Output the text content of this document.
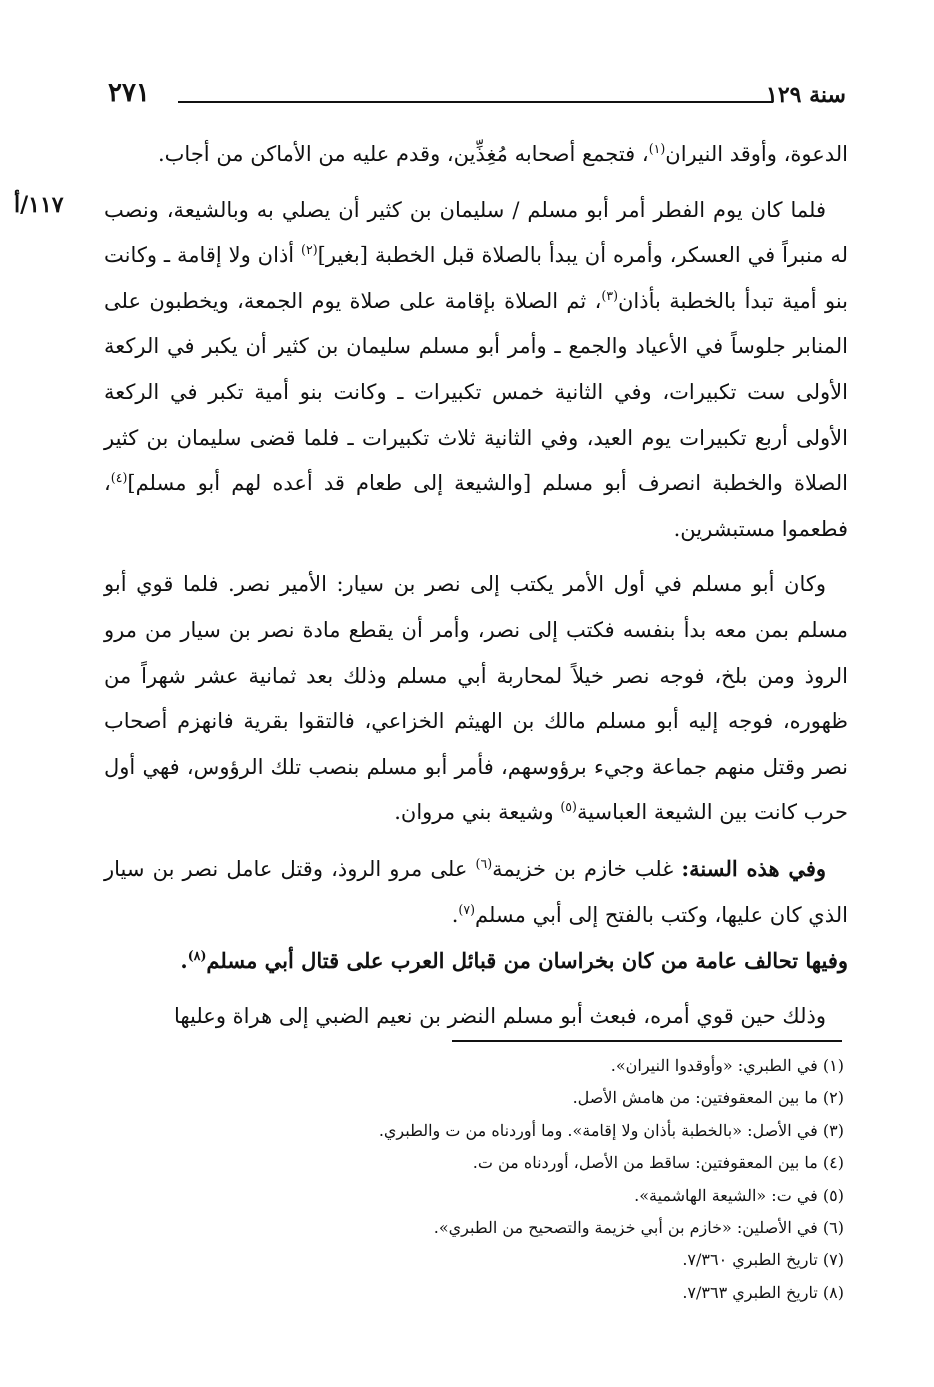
٢٧١	سنة ١٢٩
١١٧/أ

الدعوة، وأوقد النيران$^{(١)}$، فتجمع أصحابه مُغِذِّين، وقدم عليه من الأماكن من أجاب.

فلما كان يوم الفطر أمر أبو مسلم / سليمان بن كثير أن يصلي به وبالشيعة، ونصب له منبراً في العسكر، وأمره أن يبدأ بالصلاة قبل الخطبة [بغير]$^{(٢)}$ أذان ولا إقامة ـ وكانت بنو أمية تبدأ بالخطبة بأذان$^{(٣)}$، ثم الصلاة بإقامة على صلاة يوم الجمعة، ويخطبون على المنابر جلوساً في الأعياد والجمع ـ وأمر أبو مسلم سليمان بن كثير أن يكبر في الركعة الأولى ست تكبيرات، وفي الثانية خمس تكبيرات ـ وكانت بنو أمية تكبر في الركعة الأولى أربع تكبيرات يوم العيد، وفي الثانية ثلاث تكبيرات ـ فلما قضى سليمان بن كثير الصلاة والخطبة انصرف أبو مسلم [والشيعة إلى طعام قد أعده لهم أبو مسلم]$^{(٤)}$، فطعموا مستبشرين.

وكان أبو مسلم في أول الأمر يكتب إلى نصر بن سيار: الأمير نصر. فلما قوي أبو مسلم بمن معه بدأ بنفسه فكتب إلى نصر، وأمر أن يقطع مادة نصر بن سيار من مرو الروذ ومن بلخ، فوجه نصر خيلاً لمحاربة أبي مسلم وذلك بعد ثمانية عشر شهراً من ظهوره، فوجه إليه أبو مسلم مالك بن الهيثم الخزاعي، فالتقوا بقرية فانهزم أصحاب نصر وقتل منهم جماعة وجيء برؤوسهم، فأمر أبو مسلم بنصب تلك الرؤوس، فهي أول حرب كانت بين الشيعة العباسية$^{(٥)}$ وشيعة بني مروان.

وفي هذه السنة: غلب خازم بن خزيمة$^{(٦)}$ على مرو الروذ، وقتل عامل نصر بن سيار الذي كان عليها، وكتب بالفتح إلى أبي مسلم$^{(٧)}$.

وفيها تحالف عامة من كان بخراسان من قبائل العرب على قتال أبي مسلم$^{(٨)}$.

وذلك حين قوي أمره، فبعث أبو مسلم النضر بن نعيم الضبي إلى هراة وعليها

(١) في الطبري: «وأوقدوا النيران».

(٢) ما بين المعقوفتين: من هامش الأصل.

(٣) في الأصل: «بالخطبة بأذان ولا إقامة». وما أوردناه من ت والطبري.

(٤) ما بين المعقوفتين: ساقط من الأصل، أوردناه من ت.

(٥) في ت: «الشيعة الهاشمية».

(٦) في الأصلين: «خازم بن أبي خزيمة والتصحيح من الطبري».

(٧) تاريخ الطبري ٧/٣٦٠.

(٨) تاريخ الطبري ٧/٣٦٣.
